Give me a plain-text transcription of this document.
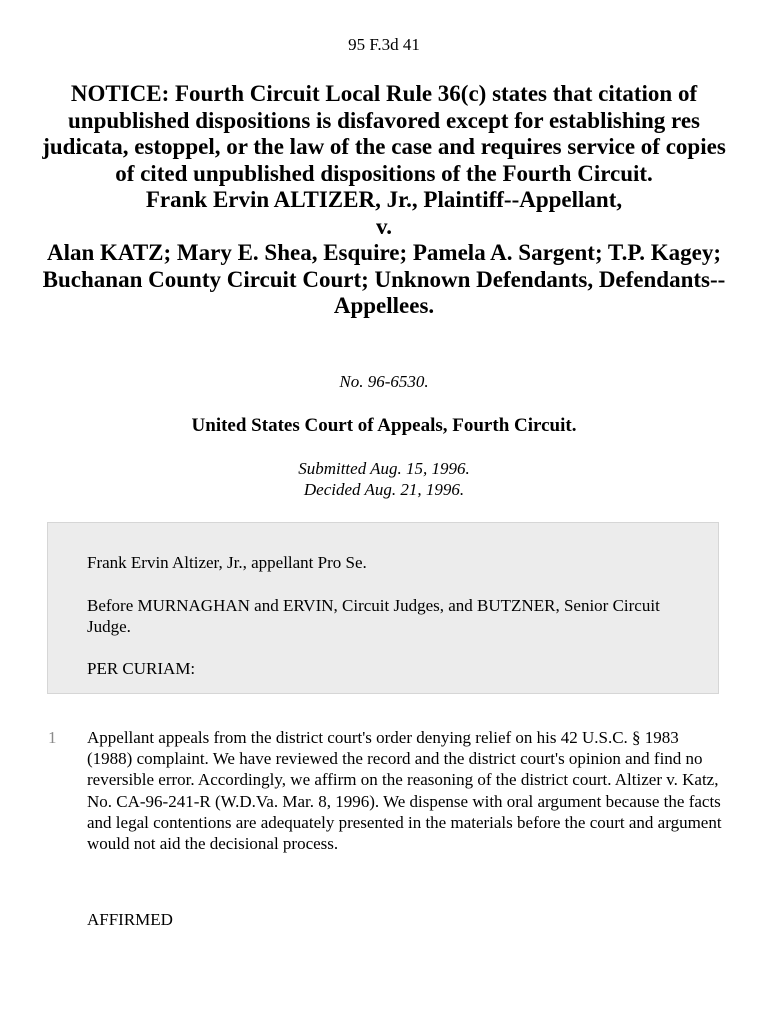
95 F.3d 41
NOTICE: Fourth Circuit Local Rule 36(c) states that citation of unpublished dispositions is disfavored except for establishing res judicata, estoppel, or the law of the case and requires service of copies of cited unpublished dispositions of the Fourth Circuit.
Frank Ervin ALTIZER, Jr., Plaintiff--Appellant,
v.
Alan KATZ; Mary E. Shea, Esquire; Pamela A. Sargent; T.P. Kagey; Buchanan County Circuit Court; Unknown Defendants, Defendants--Appellees.
No. 96-6530.
United States Court of Appeals, Fourth Circuit.
Submitted Aug. 15, 1996.
Decided Aug. 21, 1996.

Frank Ervin Altizer, Jr., appellant Pro Se.

Before MURNAGHAN and ERVIN, Circuit Judges, and BUTZNER, Senior Circuit Judge.

PER CURIAM:

1 Appellant appeals from the district court's order denying relief on his 42 U.S.C. § 1983 (1988) complaint. We have reviewed the record and the district court's opinion and find no reversible error. Accordingly, we affirm on the reasoning of the district court. Altizer v. Katz, No. CA-96-241-R (W.D.Va. Mar. 8, 1996). We dispense with oral argument because the facts and legal contentions are adequately presented in the materials before the court and argument would not aid the decisional process.

AFFIRMED
